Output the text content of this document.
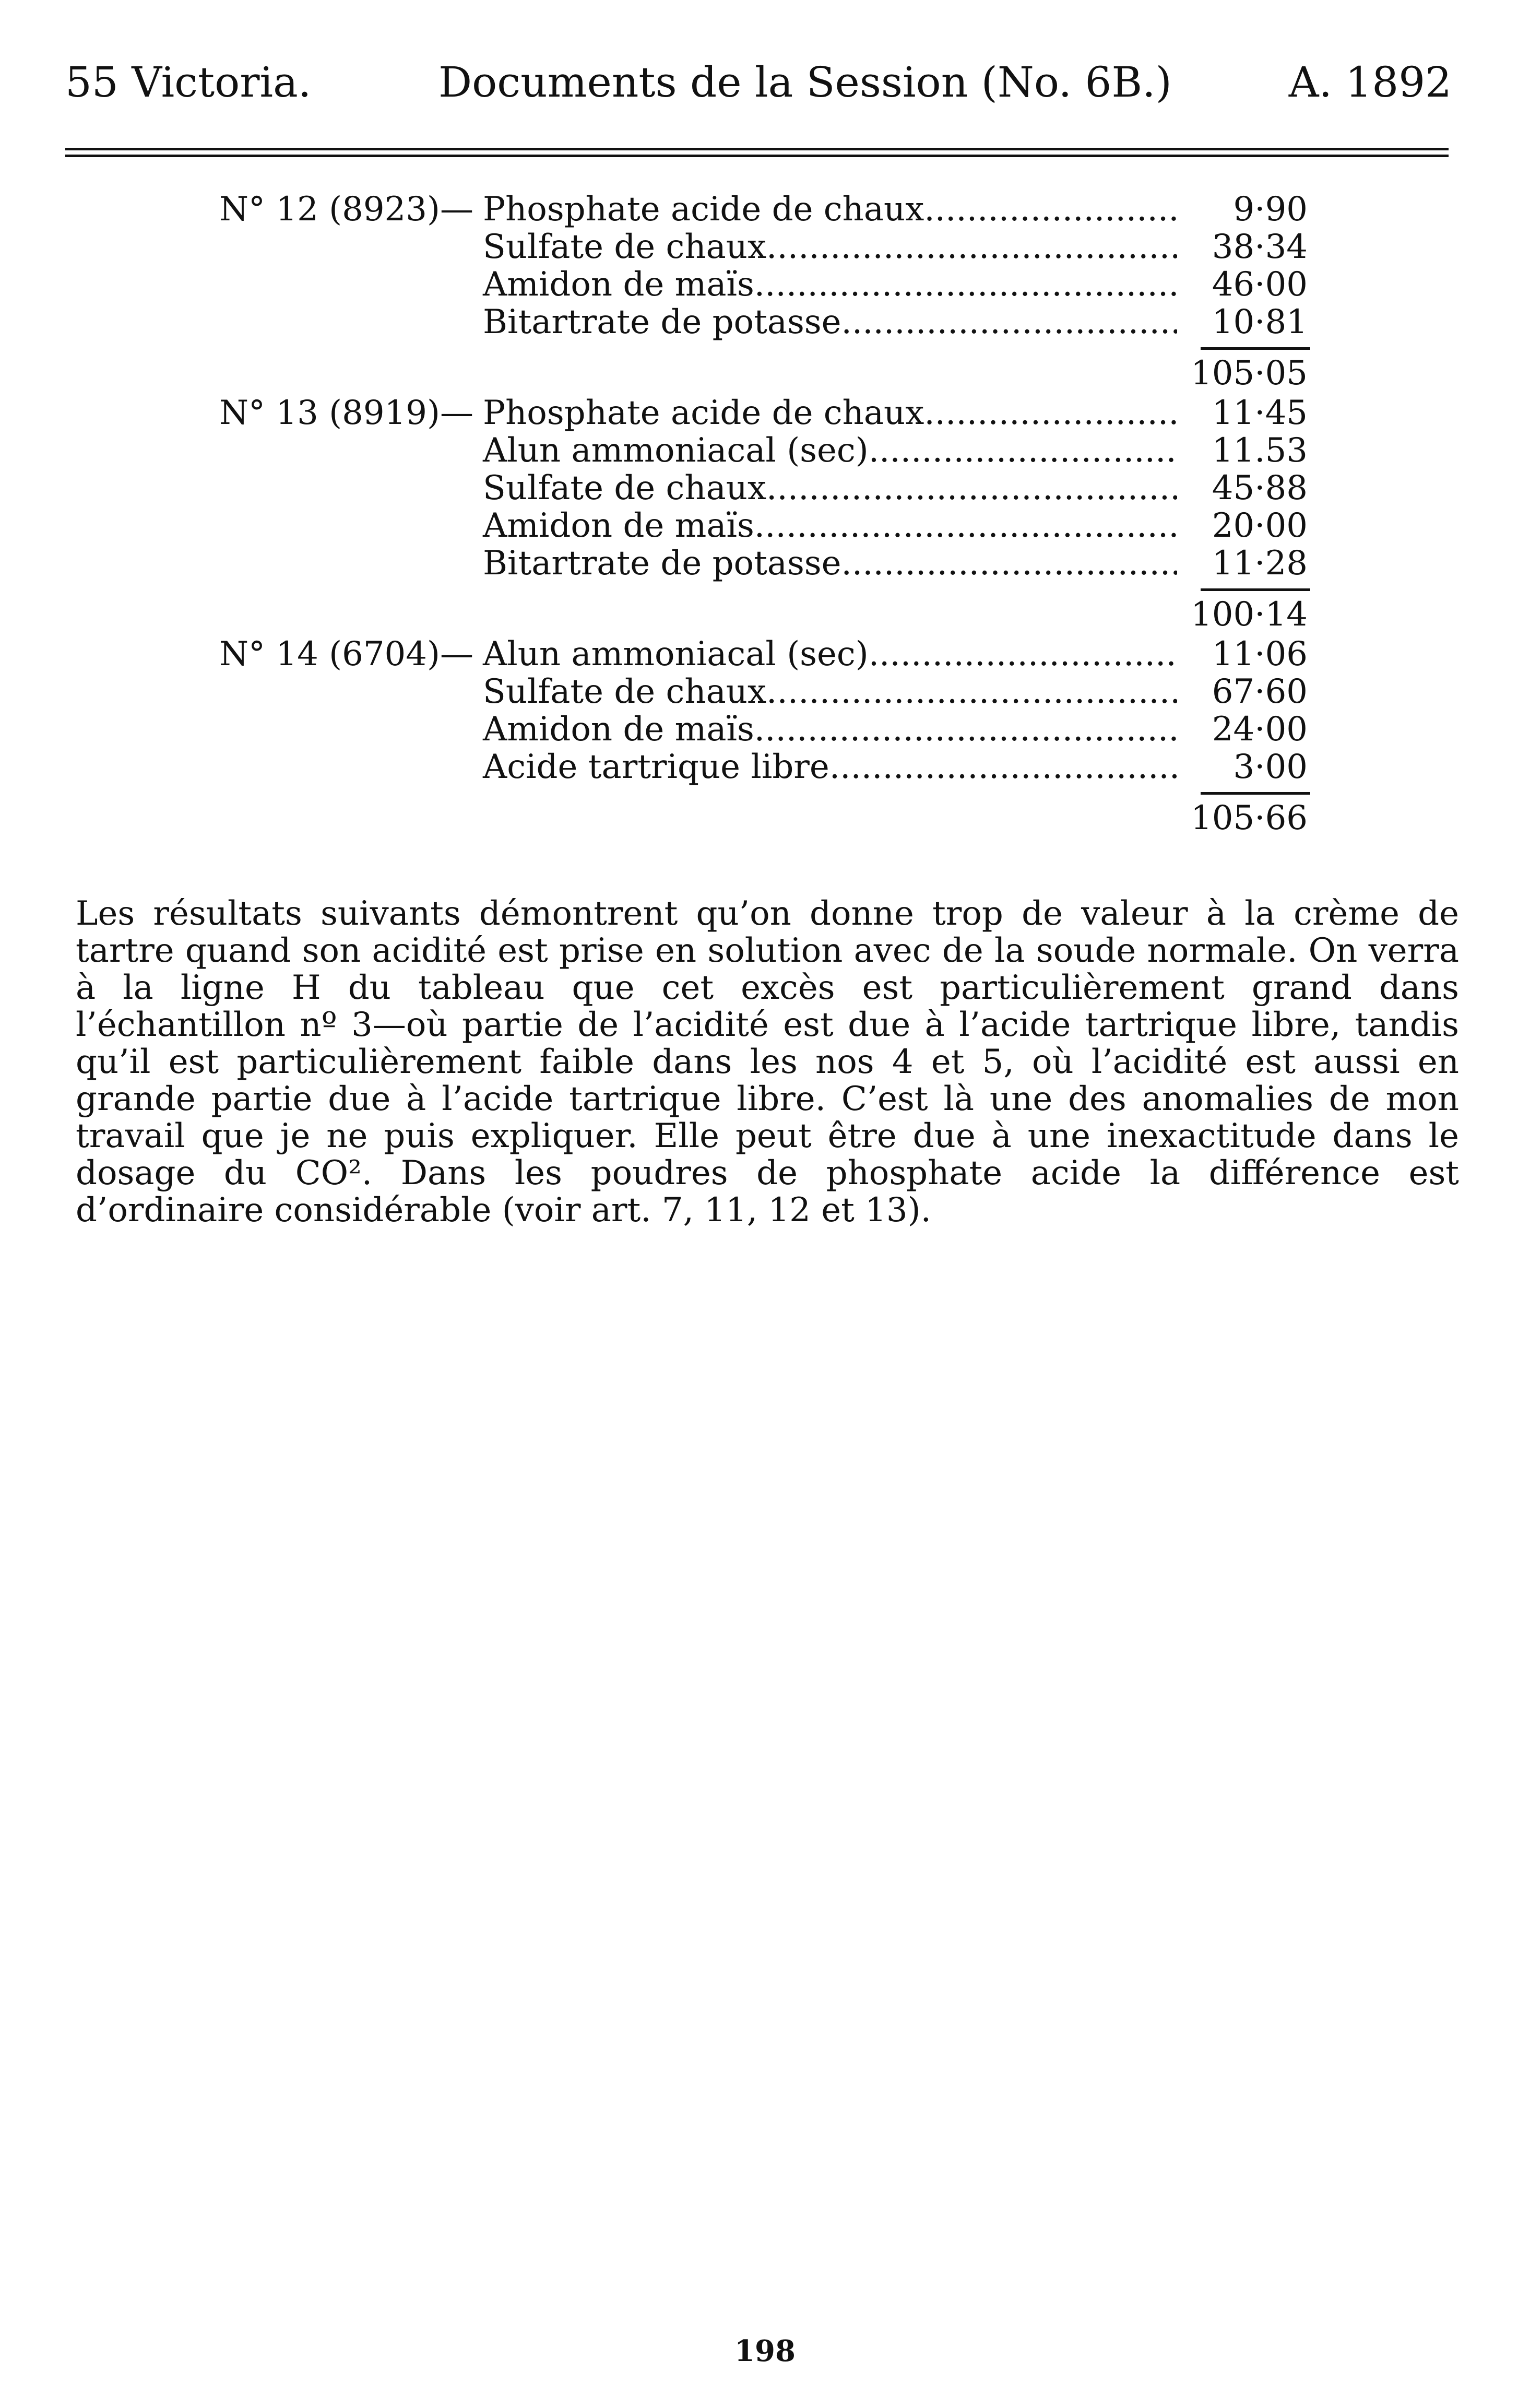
55 Victoria.	Documents de la Session (No. 6B.)	A. 1892
N° 12 (8923)— Phosphate acide de chaux .....	9·90
Sulfate de chaux .....	38·34
Amidon de maïs .....	46·00
Bitartrate de potasse .....	10·81
105·05
N° 13 (8919)— Phosphate acide de chaux .....	11·45
Alun ammoniacal (sec) .....	11.53
Sulfate de chaux .....	45·88
Amidon de maïs .....	20·00
Bitartrate de potasse .....	11·28
100·14
N° 14 (6704)— Alun ammoniacal (sec) .....	11·06
Sulfate de chaux .....	67·60
Amidon de maïs .....	24·00
Acide tartrique libre .....	3·00
105·66
Les résultats suivants démontrent qu’on donne trop de valeur à la crème de tartre quand son acidité est prise en solution avec de la soude normale. On verra à la ligne H du tableau que cet excès est particulièrement grand dans l’échantillon nº 3—où partie de l’acidité est due à l’acide tartrique libre, tandis qu’il est particulièrement faible dans les nos 4 et 5, où l’acidité est aussi en grande partie due à l’acide tartrique libre. C’est là une des anomalies de mon travail que je ne puis expliquer. Elle peut être due à une inexactitude dans le dosage du CO². Dans les poudres de phosphate acide la différence est d’ordinaire considérable (voir art. 7, 11, 12 et 13).
198
